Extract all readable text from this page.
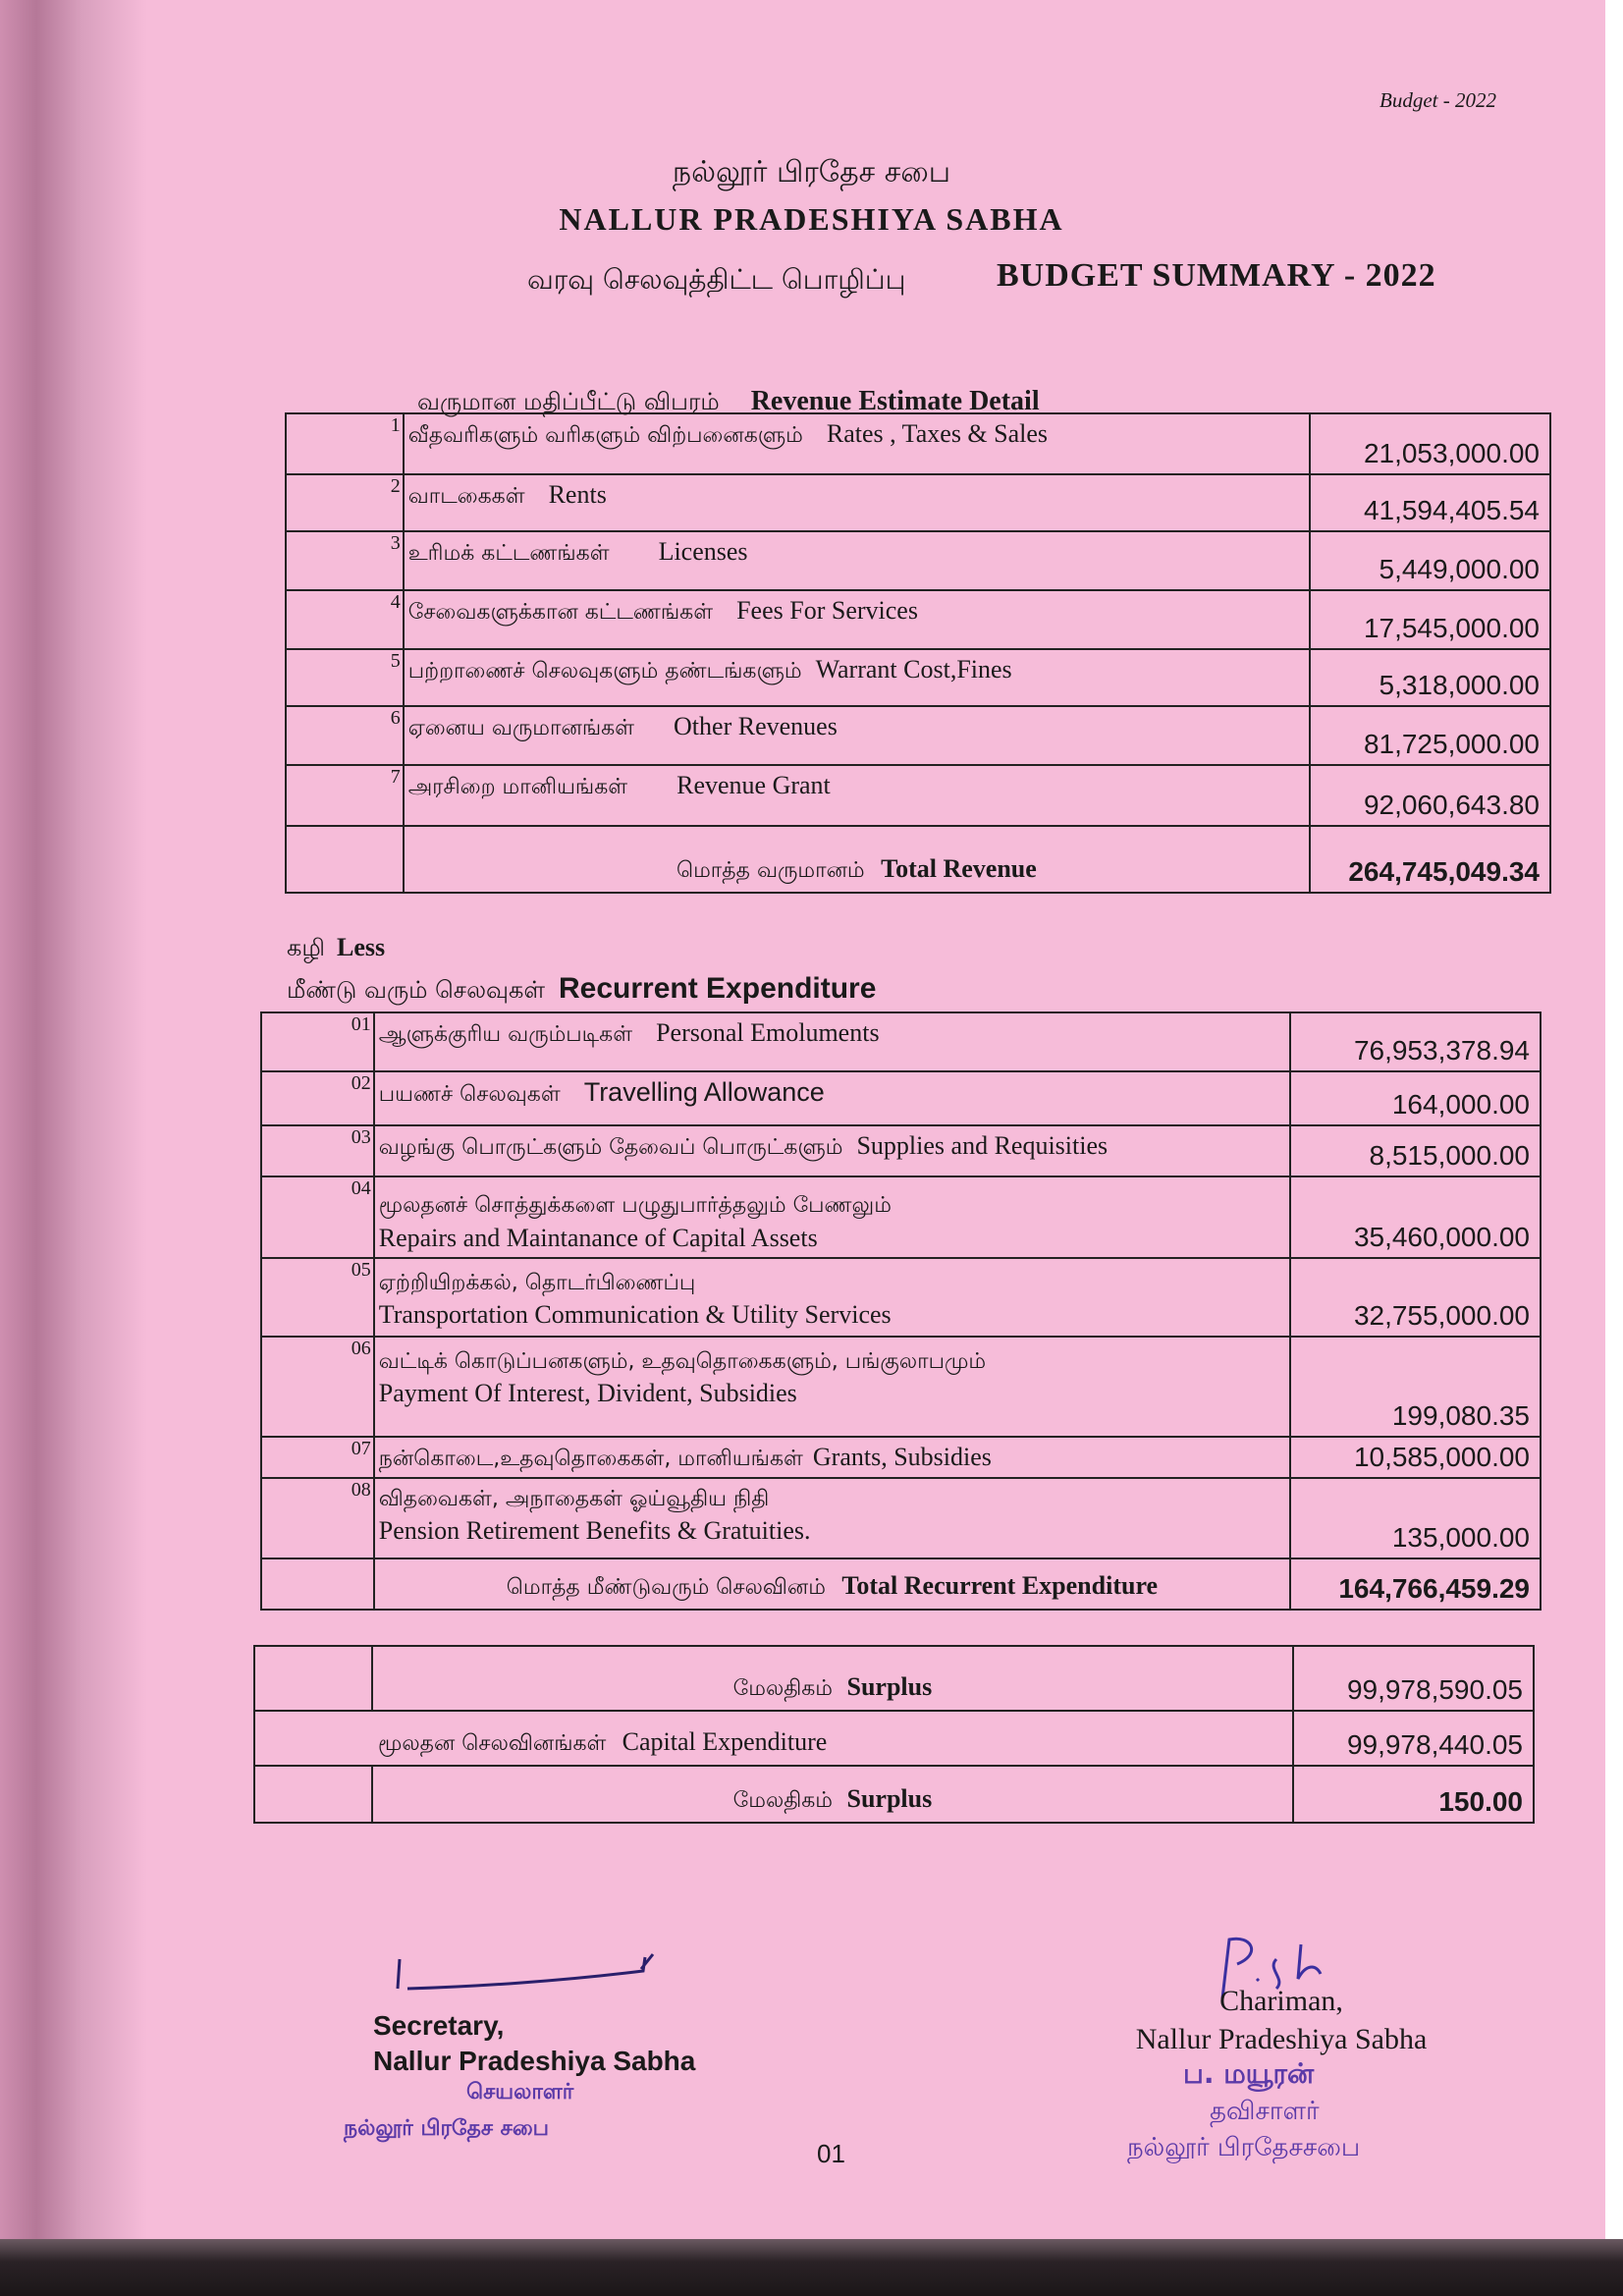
Budget - 2022
நல்லூர் பிரதேச சபை
NALLUR PRADESHIYA SABHA
வரவு செலவுத்திட்ட பொழிப்பு	BUDGET SUMMARY - 2022
வருமான மதிப்பீட்டு விபரம் Revenue Estimate Detail
1	வீதவரிகளும் வரிகளும் விற்பனைகளும் Rates , Taxes & Sales	21,053,000.00
2	வாடகைகள் Rents	41,594,405.54
3	உரிமக் கட்டணங்கள் Licenses	5,449,000.00
4	சேவைகளுக்கான கட்டணங்கள் Fees For Services	17,545,000.00
5	பற்றாணைச் செலவுகளும் தண்டங்களும் Warrant Cost,Fines	5,318,000.00
6	ஏனைய வருமானங்கள் Other Revenues	81,725,000.00
7	அரசிறை மானியங்கள் Revenue Grant	92,060,643.80
	மொத்த வருமானம் Total Revenue	264,745,049.34
கழி Less
மீண்டு வரும் செலவுகள் Recurrent Expenditure
01	ஆளுக்குரிய வரும்படிகள் Personal Emoluments	76,953,378.94
02	பயணச் செலவுகள் Travelling Allowance	164,000.00
03	வழங்கு பொருட்களும் தேவைப் பொருட்களும் Supplies and Requisities	8,515,000.00
04	மூலதனச் சொத்துக்களை பழுதுபார்த்தலும் பேணலும்
Repairs and Maintanance of Capital Assets	35,460,000.00
05	ஏற்றியிறக்கல், தொடர்பிணைப்பு
Transportation Communication & Utility Services	32,755,000.00
06	வட்டிக் கொடுப்பனகளும், உதவுதொகைகளும், பங்குலாபமும்
Payment Of Interest, Divident, Subsidies	199,080.35
07	நன்கொடை,உதவுதொகைகள், மானியங்கள் Grants, Subsidies	10,585,000.00
08	விதவைகள், அநாதைகள் ஓய்வூதிய நிதி
Pension Retirement Benefits & Gratuities.	135,000.00
	மொத்த மீண்டுவரும் செலவினம் Total Recurrent Expenditure	164,766,459.29
	மேலதிகம் Surplus	99,978,590.05
மூலதன செலவினங்கள் Capital Expenditure		99,978,440.05
	மேலதிகம் Surplus	150.00
Secretary,
Nallur Pradeshiya Sabha
செயலாளர்
நல்லூர் பிரதேச சபை
01
Chariman,
Nallur Pradeshiya Sabha
ப. மயூரன்
தவிசாளர்
நல்லூர் பிரதேசசபை
